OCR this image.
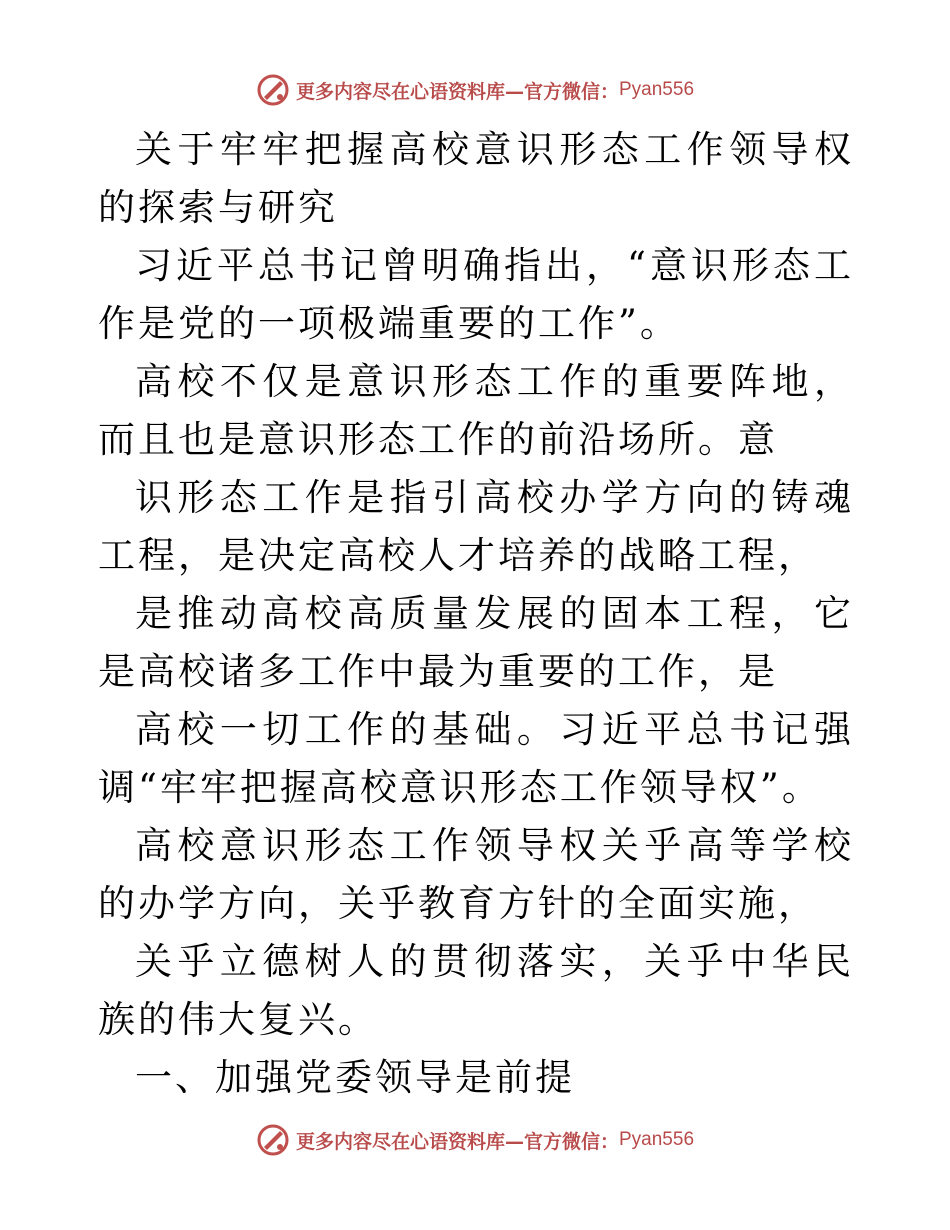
更多内容尽在心语资料库—官方微信： Pyan556

关于牢牢把握高校意识形态工作领导权的探索与研究

习近平总书记曾明确指出，“意识形态工作是党的一项极端重要的工作”。

高校不仅是意识形态工作的重要阵地，而且也是意识形态工作的前沿场所。意

识形态工作是指引高校办学方向的铸魂工程，是决定高校人才培养的战略工程，

是推动高校高质量发展的固本工程，它是高校诸多工作中最为重要的工作，是

高校一切工作的基础。习近平总书记强调“牢牢把握高校意识形态工作领导权”。

高校意识形态工作领导权关乎高等学校的办学方向，关乎教育方针的全面实施，

关乎立德树人的贯彻落实，关乎中华民族的伟大复兴。

一、加强党委领导是前提

更多内容尽在心语资料库—官方微信： Pyan556
